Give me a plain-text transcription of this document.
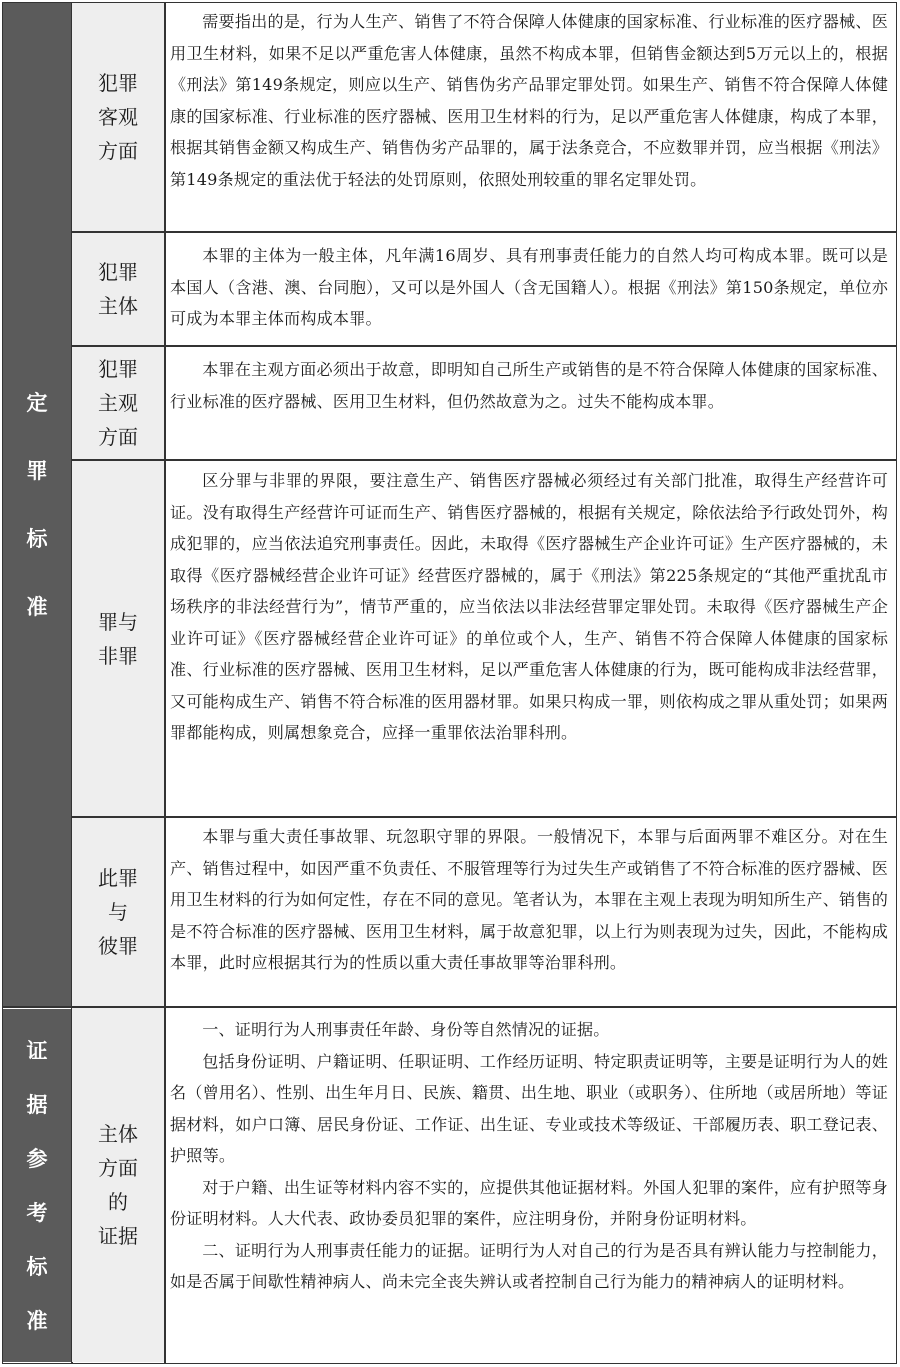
定
罪
标
准
证
据
参
考
标
准
犯罪
客观
方面

需要指出的是，行为人生产、销售了不符合保障人体健康的国家标准、行业标准的医疗器械、医用卫生材料，如果不足以严重危害人体健康，虽然不构成本罪，但销售金额达到5万元以上的，根据《刑法》第149条规定，则应以生产、销售伪劣产品罪定罪处罚。如果生产、销售不符合保障人体健康的国家标准、行业标准的医疗器械、医用卫生材料的行为，足以严重危害人体健康，构成了本罪，根据其销售金额又构成生产、销售伪劣产品罪的，属于法条竞合，不应数罪并罚，应当根据《刑法》第149条规定的重法优于轻法的处罚原则，依照处刑较重的罪名定罪处罚。

犯罪
主体

本罪的主体为一般主体，凡年满16周岁、具有刑事责任能力的自然人均可构成本罪。既可以是本国人（含港、澳、台同胞），又可以是外国人（含无国籍人）。根据《刑法》第150条规定，单位亦可成为本罪主体而构成本罪。

犯罪
主观
方面

本罪在主观方面必须出于故意，即明知自己所生产或销售的是不符合保障人体健康的国家标准、行业标准的医疗器械、医用卫生材料，但仍然故意为之。过失不能构成本罪。

罪与
非罪

区分罪与非罪的界限，要注意生产、销售医疗器械必须经过有关部门批准，取得生产经营许可证。没有取得生产经营许可证而生产、销售医疗器械的，根据有关规定，除依法给予行政处罚外，构成犯罪的，应当依法追究刑事责任。因此，未取得《医疗器械生产企业许可证》生产医疗器械的，未取得《医疗器械经营企业许可证》经营医疗器械的，属于《刑法》第225条规定的“其他严重扰乱市场秩序的非法经营行为”，情节严重的，应当依法以非法经营罪定罪处罚。未取得《医疗器械生产企业许可证》《医疗器械经营企业许可证》的单位或个人，生产、销售不符合保障人体健康的国家标准、行业标准的医疗器械、医用卫生材料，足以严重危害人体健康的行为，既可能构成非法经营罪，又可能构成生产、销售不符合标准的医用器材罪。如果只构成一罪，则依构成之罪从重处罚；如果两罪都能构成，则属想象竞合，应择一重罪依法治罪科刑。

此罪
与
彼罪

本罪与重大责任事故罪、玩忽职守罪的界限。一般情况下，本罪与后面两罪不难区分。对在生产、销售过程中，如因严重不负责任、不服管理等行为过失生产或销售了不符合标准的医疗器械、医用卫生材料的行为如何定性，存在不同的意见。笔者认为，本罪在主观上表现为明知所生产、销售的是不符合标准的医疗器械、医用卫生材料，属于故意犯罪，以上行为则表现为过失，因此，不能构成本罪，此时应根据其行为的性质以重大责任事故罪等治罪科刑。

主体
方面
的
证据

一、证明行为人刑事责任年龄、身份等自然情况的证据。

包括身份证明、户籍证明、任职证明、工作经历证明、特定职责证明等，主要是证明行为人的姓名（曾用名）、性别、出生年月日、民族、籍贯、出生地、职业（或职务）、住所地（或居所地）等证据材料，如户口簿、居民身份证、工作证、出生证、专业或技术等级证、干部履历表、职工登记表、护照等。

对于户籍、出生证等材料内容不实的，应提供其他证据材料。外国人犯罪的案件，应有护照等身份证明材料。人大代表、政协委员犯罪的案件，应注明身份，并附身份证明材料。

二、证明行为人刑事责任能力的证据。证明行为人对自己的行为是否具有辨认能力与控制能力，如是否属于间歇性精神病人、尚未完全丧失辨认或者控制自己行为能力的精神病人的证明材料。
